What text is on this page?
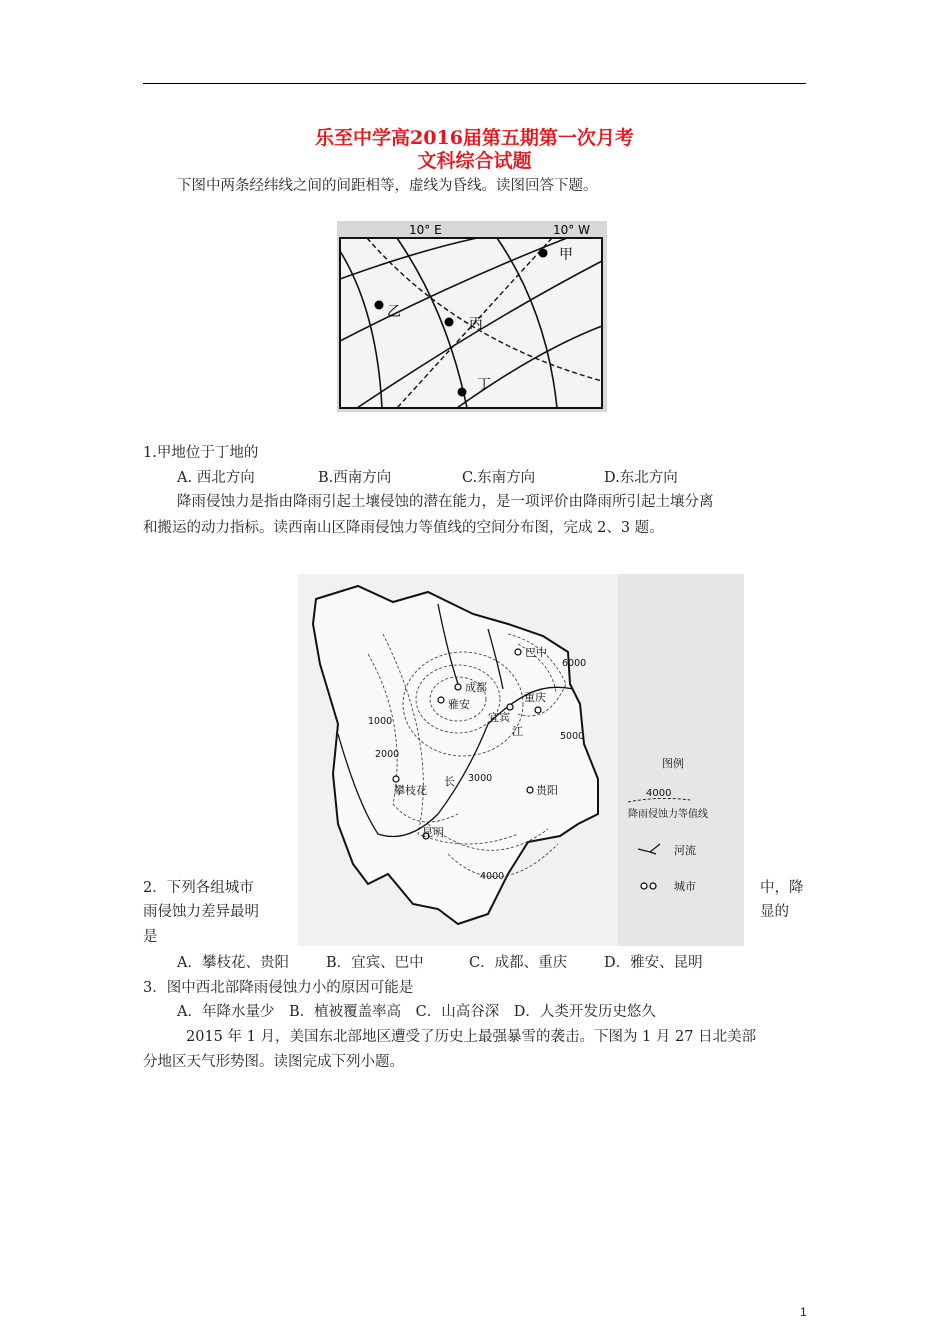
乐至中学高2016届第五期第一次月考
文科综合试题
下图中两条经纬线之间的间距相等，虚线为昏线。读图回答下题。
10° E	10° W
甲
乙
丙
丁
1.甲地位于丁地的
A. 西北方向	B.西南方向	C.东南方向	D.东北方向
降雨侵蚀力是指由降雨引起土壤侵蚀的潜在能力，是一项评价由降雨所引起土壤分离
和搬运的动力指标。读西南山区降雨侵蚀力等值线的空间分布图，完成 2、3 题。
巴中
成都
雅安
宜宾
重庆
攀枝花	贵阳
昆明
江
长
6000
5000
1000
2000
3000
4000
图例
4000
降雨侵蚀力等值线
河流
城市
2．下列各组城市	中，降
雨侵蚀力差异最明	显的
是
A．攀枝花、贵阳	B．宜宾、巴中	C．成都、重庆	D．雅安、昆明
3．图中西北部降雨侵蚀力小的原因可能是
A．年降水量少　B．植被覆盖率高　C．山高谷深　D．人类开发历史悠久
2015 年 1 月，美国东北部地区遭受了历史上最强暴雪的袭击。下图为 1 月 27 日北美部
分地区天气形势图。读图完成下列小题。
1
